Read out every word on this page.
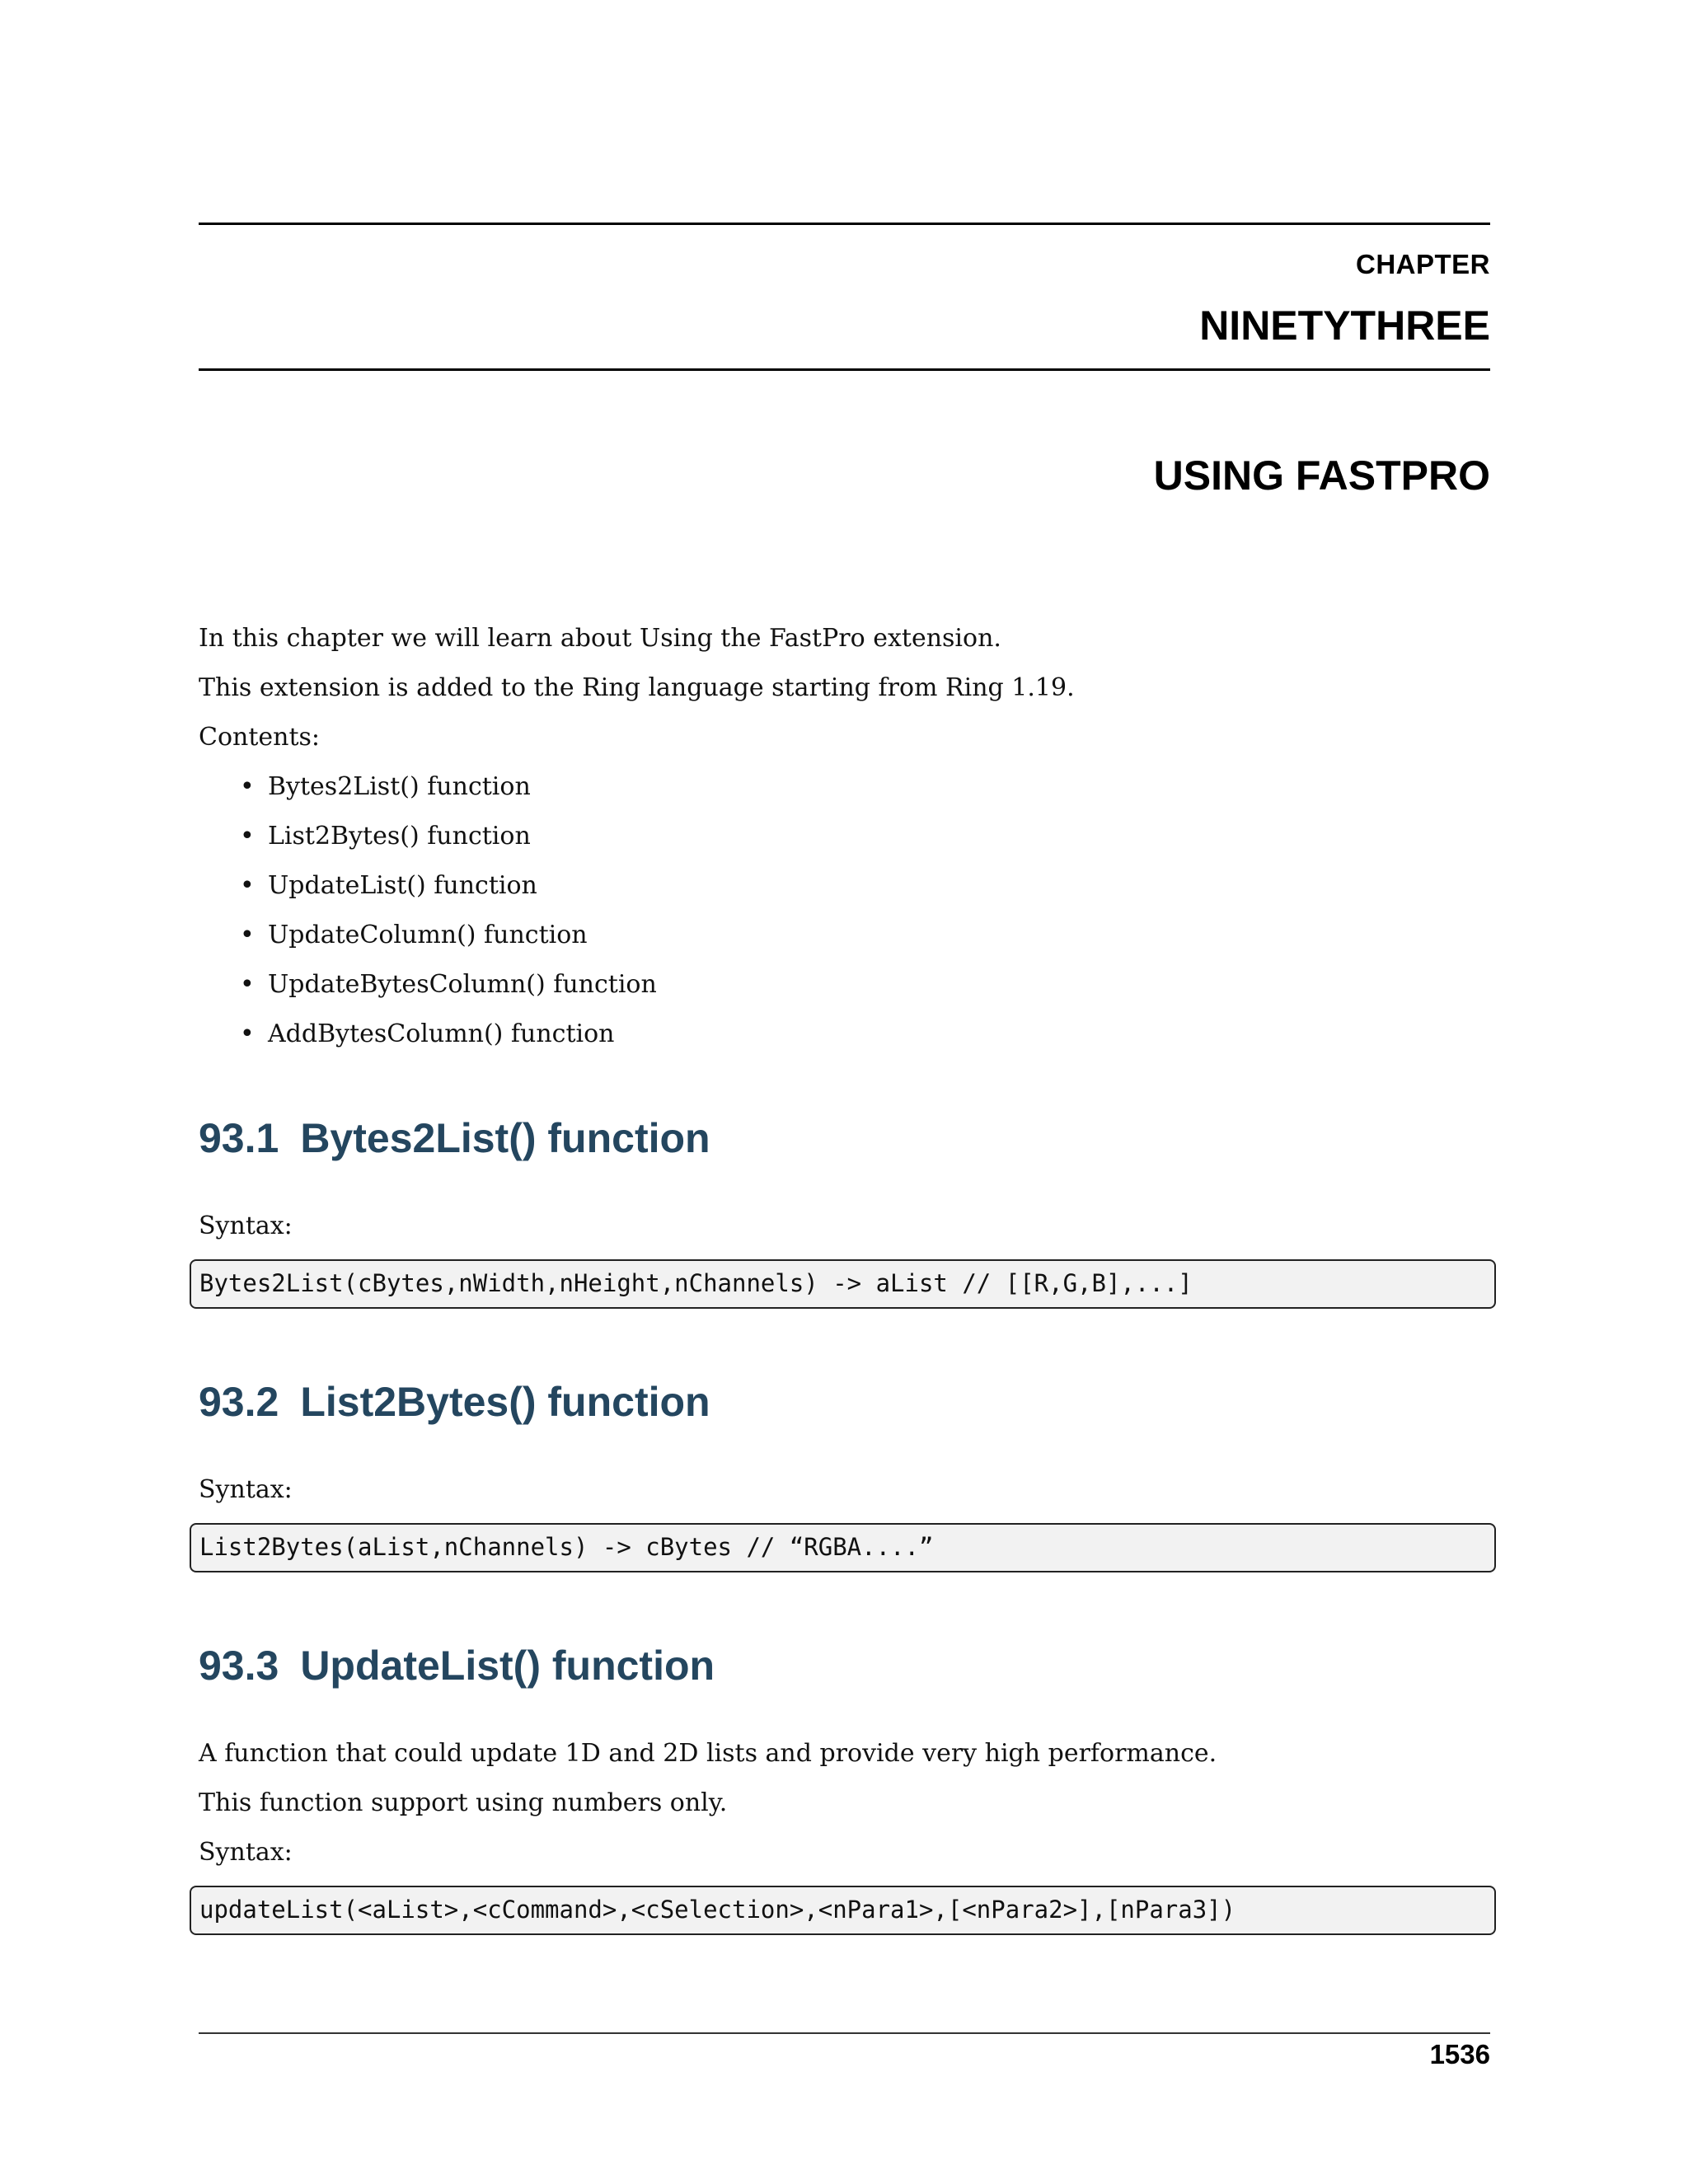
CHAPTER
NINETYTHREE
USING FASTPRO
In this chapter we will learn about Using the FastPro extension.
This extension is added to the Ring language starting from Ring 1.19.
Contents:
• Bytes2List() function
• List2Bytes() function
• UpdateList() function
• UpdateColumn() function
• UpdateBytesColumn() function
• AddBytesColumn() function
93.1 Bytes2List() function
Syntax:
Bytes2List(cBytes,nWidth,nHeight,nChannels) -> aList // [[R,G,B],...]
93.2 List2Bytes() function
Syntax:
List2Bytes(aList,nChannels) -> cBytes // “RGBA....”
93.3 UpdateList() function
A function that could update 1D and 2D lists and provide very high performance.
This function support using numbers only.
Syntax:
updateList(<aList>,<cCommand>,<cSelection>,<nPara1>,[<nPara2>],[nPara3])
1536
